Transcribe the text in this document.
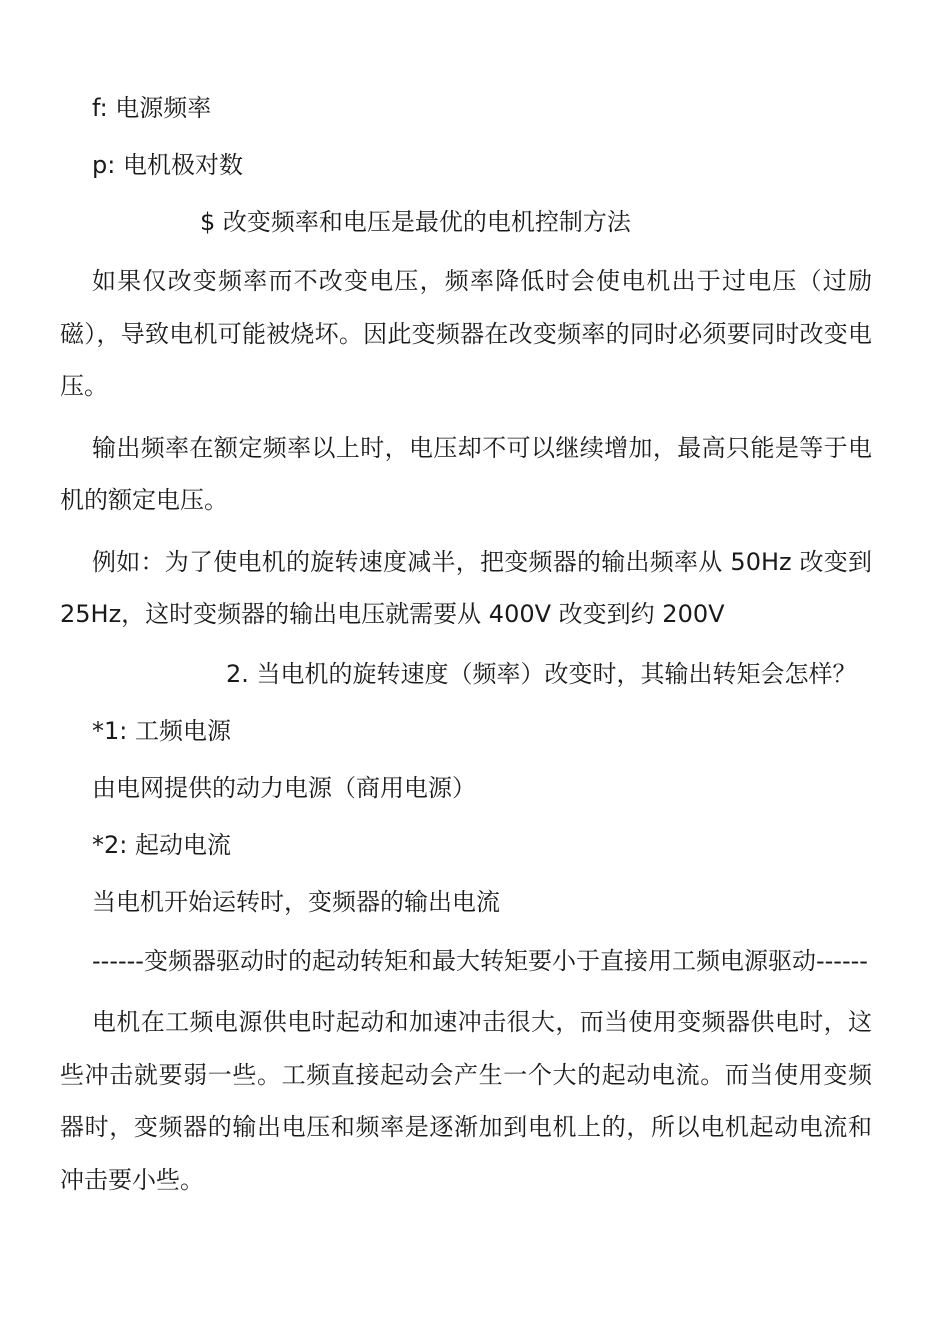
f: 电源频率

p: 电机极对数

$ 改变频率和电压是最优的电机控制方法

如果仅改变频率而不改变电压，频率降低时会使电机出于过电压（过励磁），导致电机可能被烧坏。因此变频器在改变频率的同时必须要同时改变电压。

输出频率在额定频率以上时，电压却不可以继续增加，最高只能是等于电机的额定电压。

例如：为了使电机的旋转速度减半，把变频器的输出频率从 50Hz 改变到 25Hz，这时变频器的输出电压就需要从 400V 改变到约 200V

2. 当电机的旋转速度（频率）改变时，其输出转矩会怎样？

*1: 工频电源

由电网提供的动力电源（商用电源）

*2: 起动电流

当电机开始运转时，变频器的输出电流

------变频器驱动时的起动转矩和最大转矩要小于直接用工频电源驱动------

电机在工频电源供电时起动和加速冲击很大，而当使用变频器供电时，这些冲击就要弱一些。工频直接起动会产生一个大的起动电流。而当使用变频器时，变频器的输出电压和频率是逐渐加到电机上的，所以电机起动电流和冲击要小些。
